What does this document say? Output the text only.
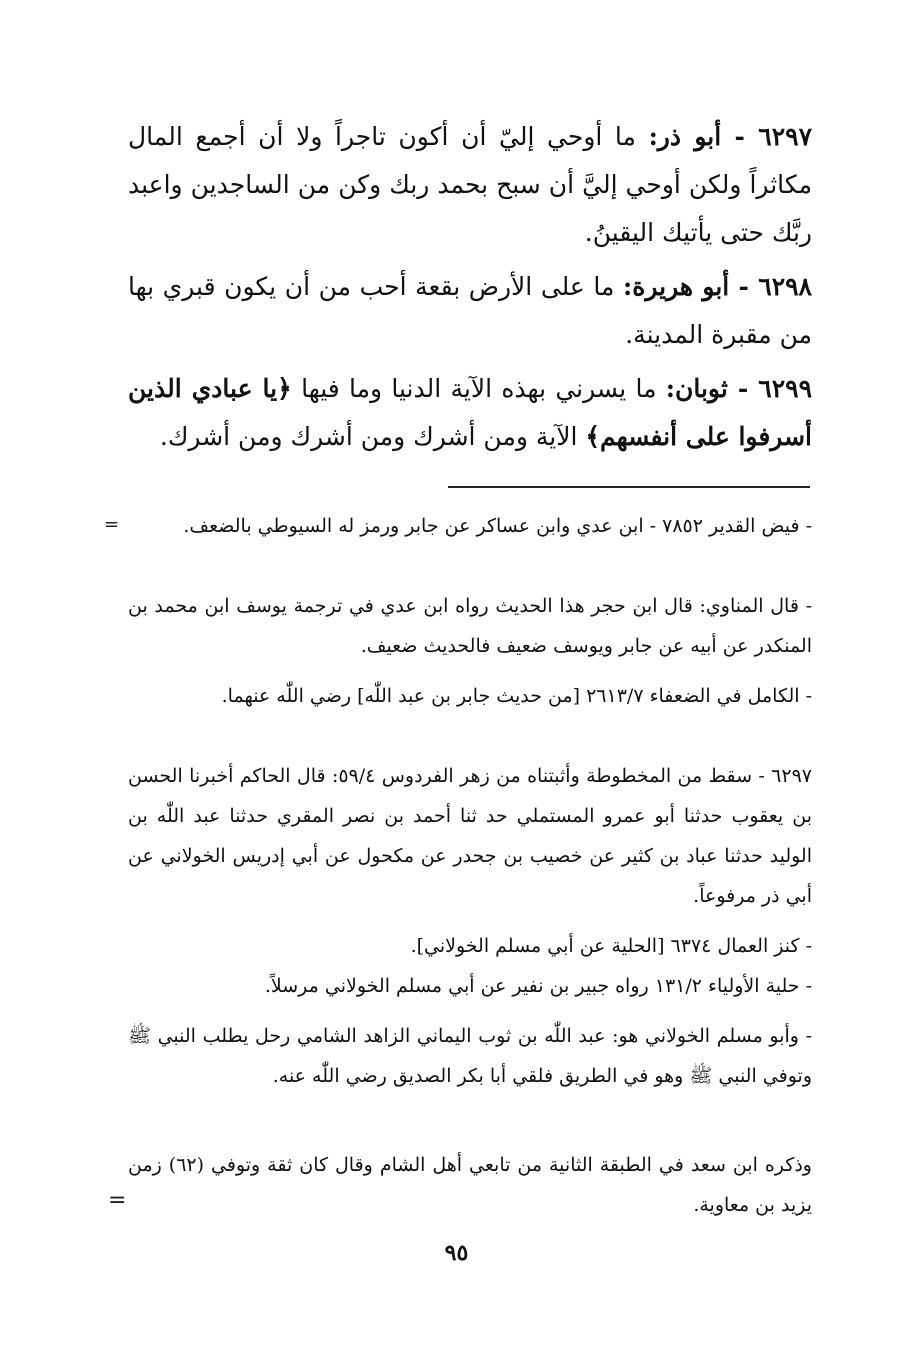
٦٢٩٧ - أبو ذر: ما أوحي إليّ أن أكون تاجراً ولا أن أجمع المال مكاثراً ولكن أوحي إليَّ أن سبح بحمد ربك وكن من الساجدين واعبد ربَّك حتى يأتيك اليقينُ.
٦٢٩٨ - أبو هريرة: ما على الأرض بقعة أحب من أن يكون قبري بها من مقبرة المدينة.
٦٢٩٩ - ثوبان: ما يسرني بهذه الآية الدنيا وما فيها ﴿يا عبادي الذين أسرفوا على أنفسهم﴾ الآية ومن أشرك ومن أشرك ومن أشرك.
=	- فيض القدير ٧٨٥٢ - ابن عدي وابن عساكر عن جابر ورمز له السيوطي بالضعف.
- قال المناوي: قال ابن حجر هذا الحديث رواه ابن عدي في ترجمة يوسف ابن محمد بن المنكدر عن أبيه عن جابر ويوسف ضعيف فالحديث ضعيف.
- الكامل في الضعفاء ٢٦١٣/٧ [من حديث جابر بن عبد اللّٰه] رضي اللّٰه عنهما.
٦٢٩٧ - سقط من المخطوطة وأثبتناه من زهر الفردوس ٥٩/٤: قال الحاكم أخبرنا الحسن بن يعقوب حدثنا أبو عمرو المستملي حد ثنا أحمد بن نصر المقري حدثنا عبد اللّٰه بن الوليد حدثنا عباد بن كثير عن خصيب بن جحدر عن مكحول عن أبي إدريس الخولاني عن أبي ذر مرفوعاً.
- كنز العمال ٦٣٧٤ [الحلية عن أبي مسلم الخولاني].
- حلية الأولياء ١٣١/٢ رواه جبير بن نفير عن أبي مسلم الخولاني مرسلاً.
- وأبو مسلم الخولاني هو: عبد اللّٰه بن ثوب اليماني الزاهد الشامي رحل يطلب النبي ﷺ وتوفي النبي ﷺ وهو في الطريق فلقي أبا بكر الصديق رضي اللّٰه عنه.
وذكره ابن سعد في الطبقة الثانية من تابعي أهل الشام وقال كان ثقة وتوفي (٦٢) زمن يزيد بن معاوية.
=
٩٥
